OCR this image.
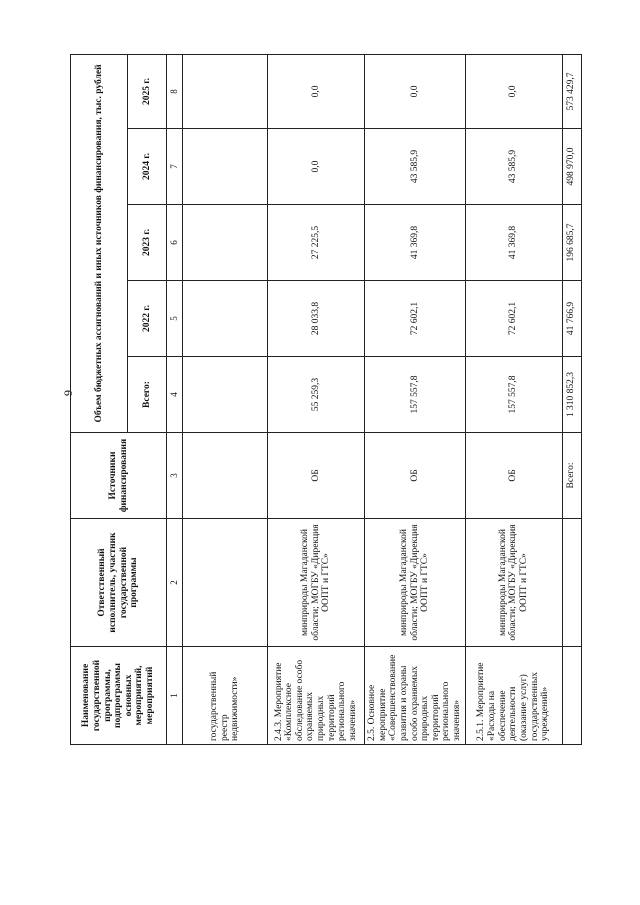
9
Наименование государственной программы, подпрограммы основных мероприятий, мероприятий	Ответственный исполнитель, участник государственной программы	Источники финансирования	Объем бюджетных ассигнований и иных источников финансирования, тыс. рублей				
			Всего:	2022 г.	2023 г.	2024 г.	2025 г.
1	2	3	4	5	6	7	8
государственный реестр недвижимости»							
2.4.3. Мероприятие «Комплексное обследование особо охраняемых природных территорий регионального значения»	минприроды Магаданской области; МОГБУ «Дирекция ООПТ и ГТС»	ОБ	55 259,3	28 033,8	27 225,5	0,0	0,0
2.5. Основное мероприятие «Совершенствование развития и охраны особо охраняемых природных территорий регионального значения»	минприроды Магаданской области; МОГБУ «Дирекция ООПТ и ГТС»	ОБ	157 557,8	72 602,1	41 369,8	43 585,9	0,0
2.5.1. Мероприятие «Расходы на обеспечение деятельности (оказание услуг) государственных учреждений»	минприроды Магаданской области; МОГБУ «Дирекция ООПТ и ГТС»	ОБ	157 557,8	72 602,1	41 369,8	43 585,9	0,0
		Всего:	1 310 852,3	41 766,9	196 685,7	498 970,0	573 429,7
